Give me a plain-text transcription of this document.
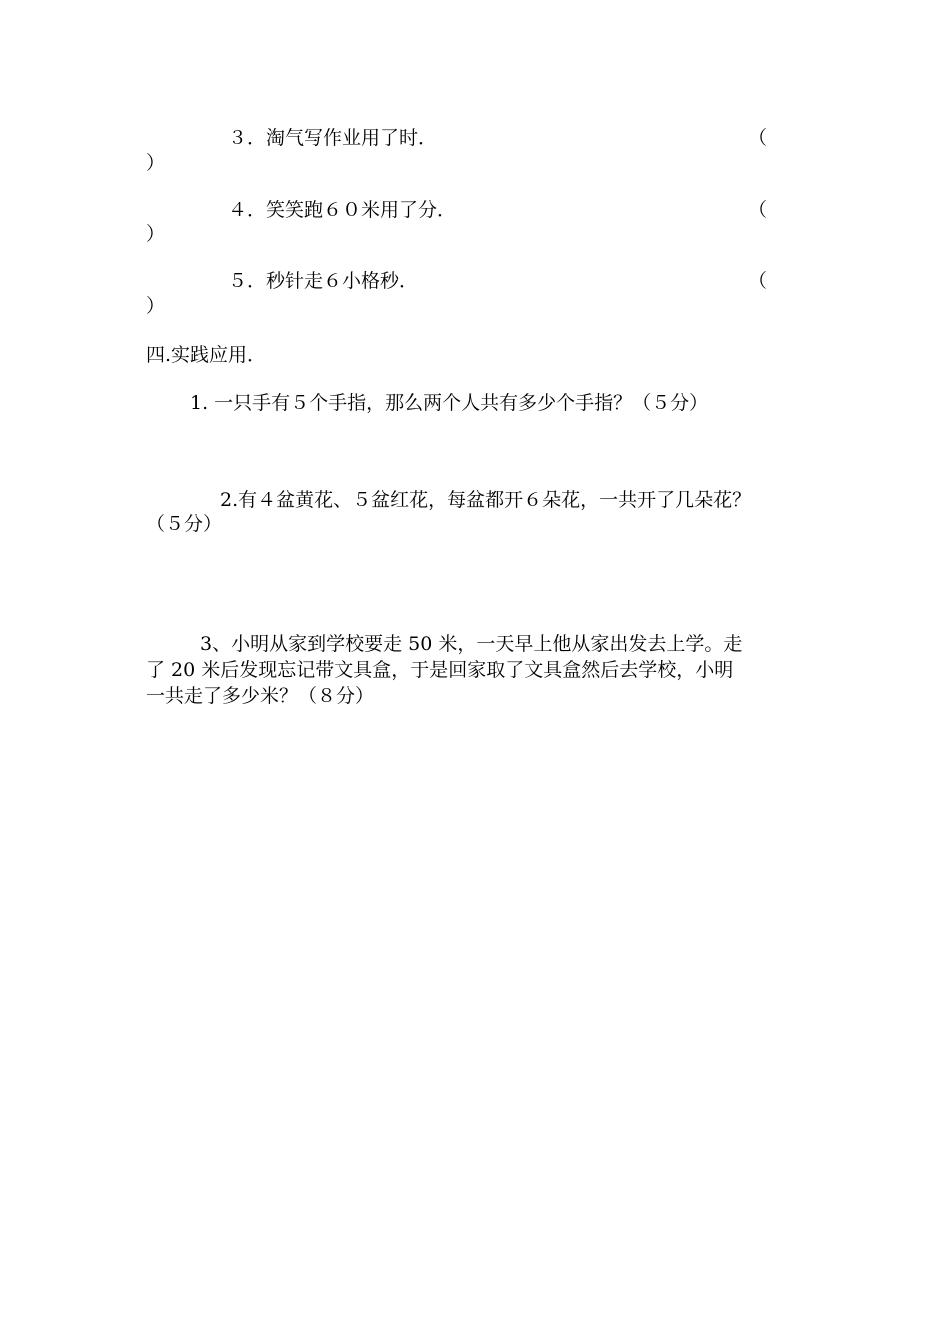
３．淘气写作业用了时．	（
）
４．笑笑跑６０米用了分．	（
）
５．秒针走６小格秒．	（
）
四.实践应用．
1. 一只手有５个手指，那么两个人共有多少个手指？（５分）
2.有４盆黄花、５盆红花，每盆都开６朵花，一共开了几朵花？
（５分）
3、小明从家到学校要走 50 米，一天早上他从家出发去上学。走
了 20 米后发现忘记带文具盒，于是回家取了文具盒然后去学校，小明
一共走了多少米？（８分）
